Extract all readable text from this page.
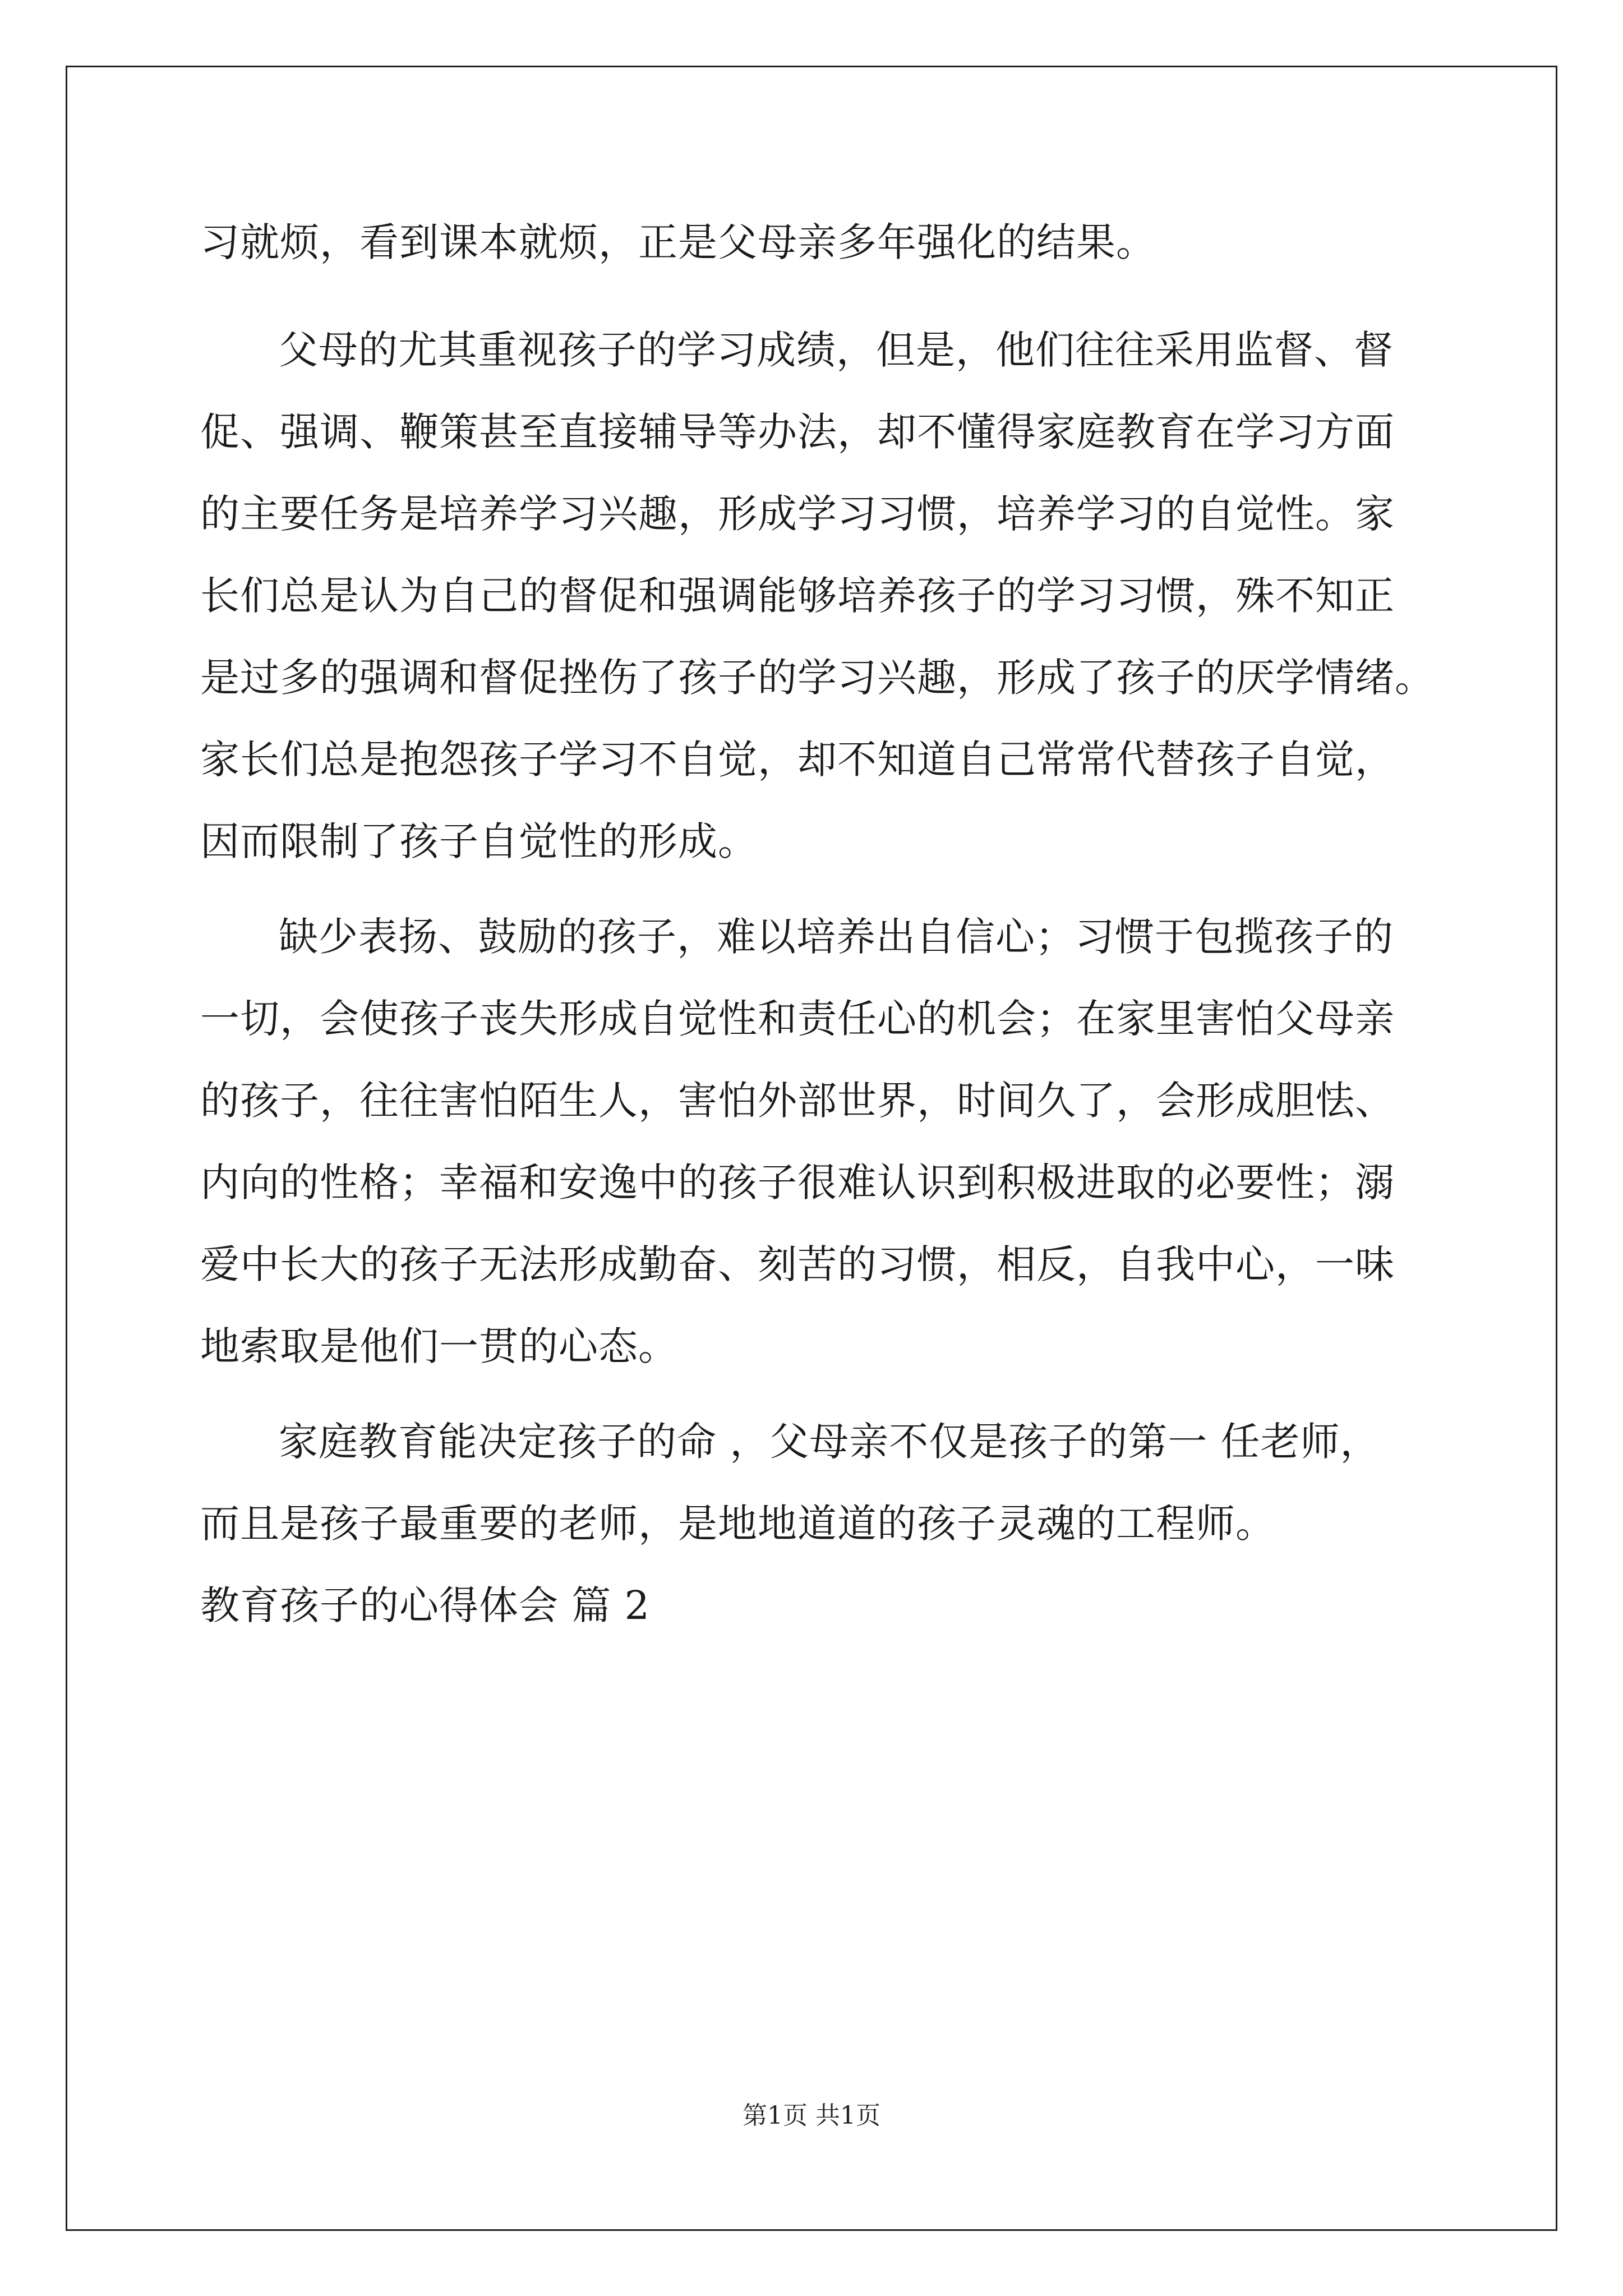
习就烦，看到课本就烦，正是父母亲多年强化的结果。
父母的尤其重视孩子的学习成绩，但是，他们往往采用监督、督
促、强调、鞭策甚至直接辅导等办法，却不懂得家庭教育在学习方面
的主要任务是培养学习兴趣，形成学习习惯，培养学习的自觉性。家
长们总是认为自己的督促和强调能够培养孩子的学习习惯，殊不知正
是过多的强调和督促挫伤了孩子的学习兴趣，形成了孩子的厌学情绪。
家长们总是抱怨孩子学习不自觉，却不知道自己常常代替孩子自觉，
因而限制了孩子自觉性的形成。
缺少表扬、鼓励的孩子，难以培养出自信心；习惯于包揽孩子的
一切，会使孩子丧失形成自觉性和责任心的机会；在家里害怕父母亲
的孩子，往往害怕陌生人，害怕外部世界，时间久了，会形成胆怯、
内向的性格；幸福和安逸中的孩子很难认识到积极进取的必要性；溺
爱中长大的孩子无法形成勤奋、刻苦的习惯，相反，自我中心，一味
地索取是他们一贯的心态。
家庭教育能决定孩子的命 ，父母亲不仅是孩子的第一 任老师，
而且是孩子最重要的老师，是地地道道的孩子灵魂的工程师。
教育孩子的心得体会 篇 2
第1页 共1页
